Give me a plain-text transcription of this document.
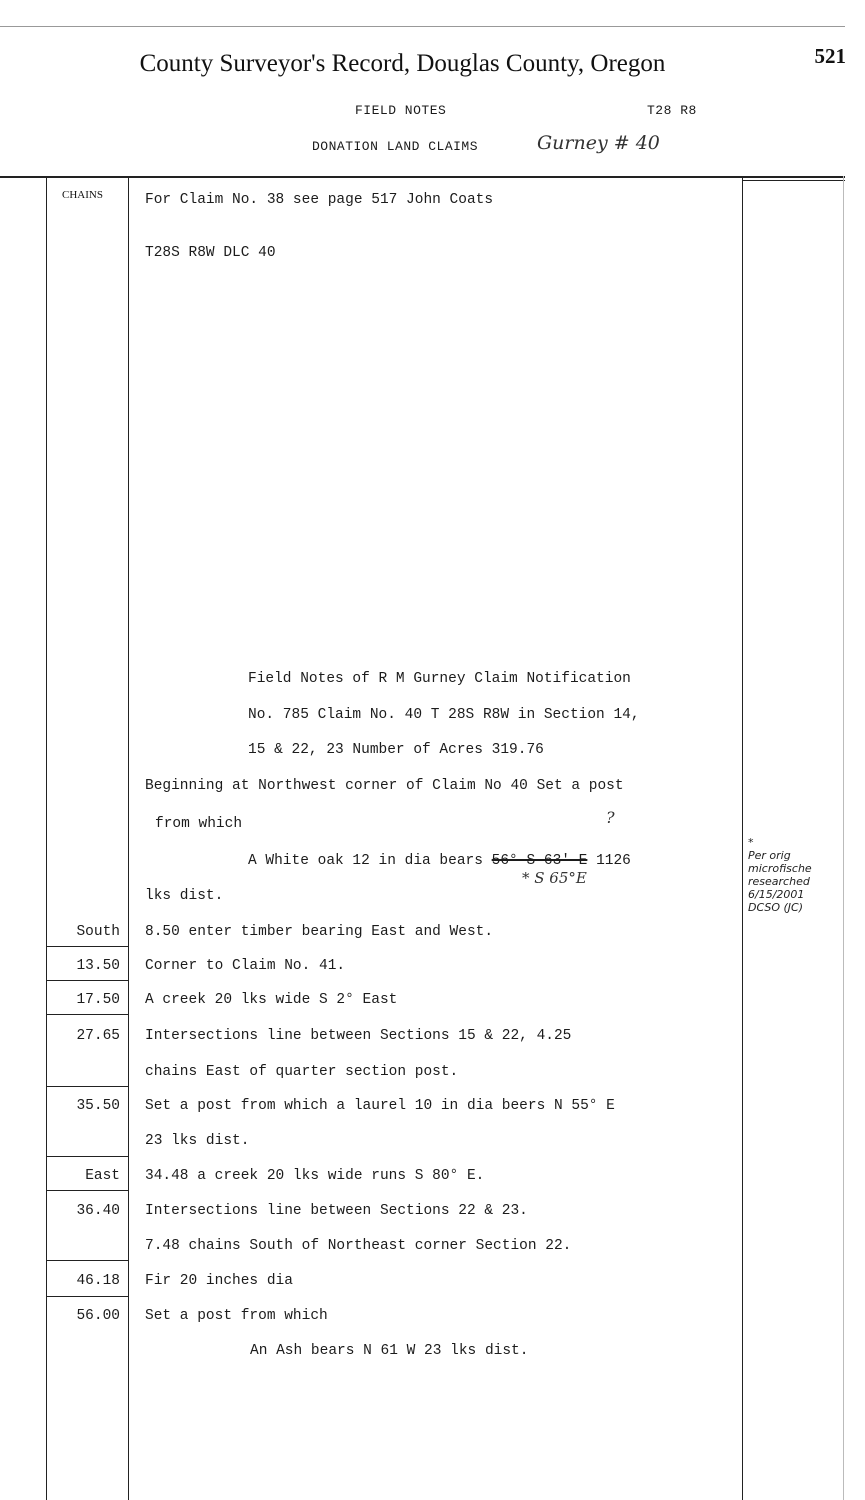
County Surveyor's Record, Douglas County, Oregon	521
FIELD NOTES	T28 R8
DONATION LAND CLAIMS	Gurney # 40
CHAINS	For Claim No. 38 see page 517 John Coats
T28S R8W DLC 40
Field Notes of R M Gurney Claim Notification
No. 785 Claim No. 40 T 28S R8W in Section 14,
15 & 22, 23 Number of Acres 319.76
Beginning at Northwest corner of Claim No 40 Set a post
from which	?
A White oak 12 in dia bears 56° S 63' E 1126
* S 65°E
lks dist.
*
Per orig
microfische
researched
6/15/2001
DCSO (JC)
South 8.50 enter timber bearing East and West.
13.50 Corner to Claim No. 41.
17.50 A creek 20 lks wide S 2° East
27.65 Intersections line between Sections 15 & 22, 4.25
chains East of quarter section post.
35.50 Set a post from which a laurel 10 in dia beers N 55° E
23 lks dist.
East 34.48 a creek 20 lks wide runs S 80° E.
36.40 Intersections line between Sections 22 & 23.
7.48 chains South of Northeast corner Section 22.
46.18 Fir 20 inches dia
56.00 Set a post from which
An Ash bears N 61 W 23 lks dist.
